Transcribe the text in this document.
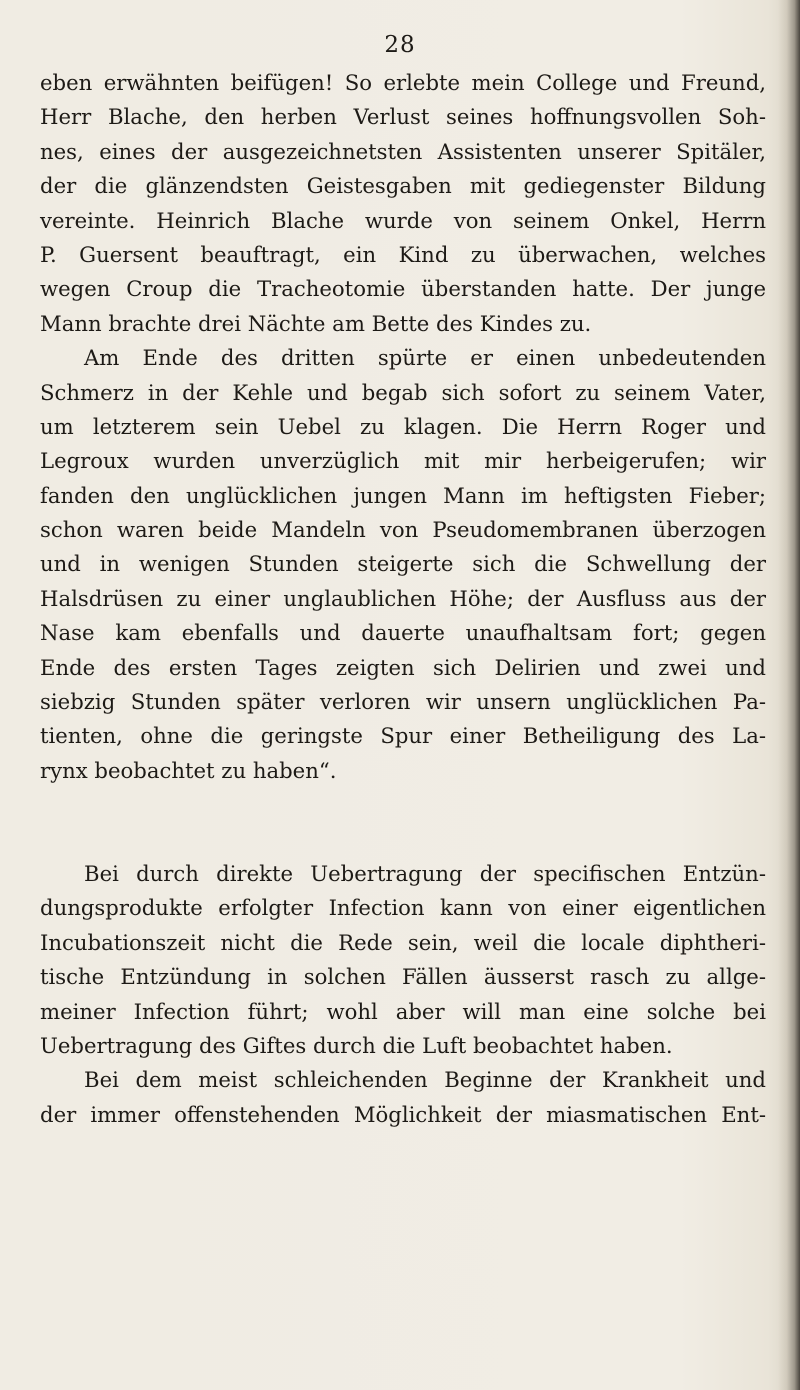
28
eben erwähnten beifügen! So erlebte mein College und Freund,
Herr Blache, den herben Verlust seines hoffnungsvollen Soh-
nes, eines der ausgezeichnetsten Assistenten unserer Spitäler,
der die glänzendsten Geistesgaben mit gediegenster Bildung
vereinte. Heinrich Blache wurde von seinem Onkel, Herrn
P. Guersent beauftragt, ein Kind zu überwachen, welches
wegen Croup die Tracheotomie überstanden hatte. Der junge
Mann brachte drei Nächte am Bette des Kindes zu.
Am Ende des dritten spürte er einen unbedeutenden
Schmerz in der Kehle und begab sich sofort zu seinem Vater,
um letzterem sein Uebel zu klagen. Die Herrn Roger und
Legroux wurden unverzüglich mit mir herbeigerufen; wir
fanden den unglücklichen jungen Mann im heftigsten Fieber;
schon waren beide Mandeln von Pseudomembranen überzogen
und in wenigen Stunden steigerte sich die Schwellung der
Halsdrüsen zu einer unglaublichen Höhe; der Ausfluss aus der
Nase kam ebenfalls und dauerte unaufhaltsam fort; gegen
Ende des ersten Tages zeigten sich Delirien und zwei und
siebzig Stunden später verloren wir unsern unglücklichen Pa-
tienten, ohne die geringste Spur einer Betheiligung des La-
rynx beobachtet zu haben“.
Bei durch direkte Uebertragung der specifischen Entzün-
dungsprodukte erfolgter Infection kann von einer eigentlichen
Incubationszeit nicht die Rede sein, weil die locale diphtheri-
tische Entzündung in solchen Fällen äusserst rasch zu allge-
meiner Infection führt; wohl aber will man eine solche bei
Uebertragung des Giftes durch die Luft beobachtet haben.
Bei dem meist schleichenden Beginne der Krankheit und
der immer offenstehenden Möglichkeit der miasmatischen Ent-
